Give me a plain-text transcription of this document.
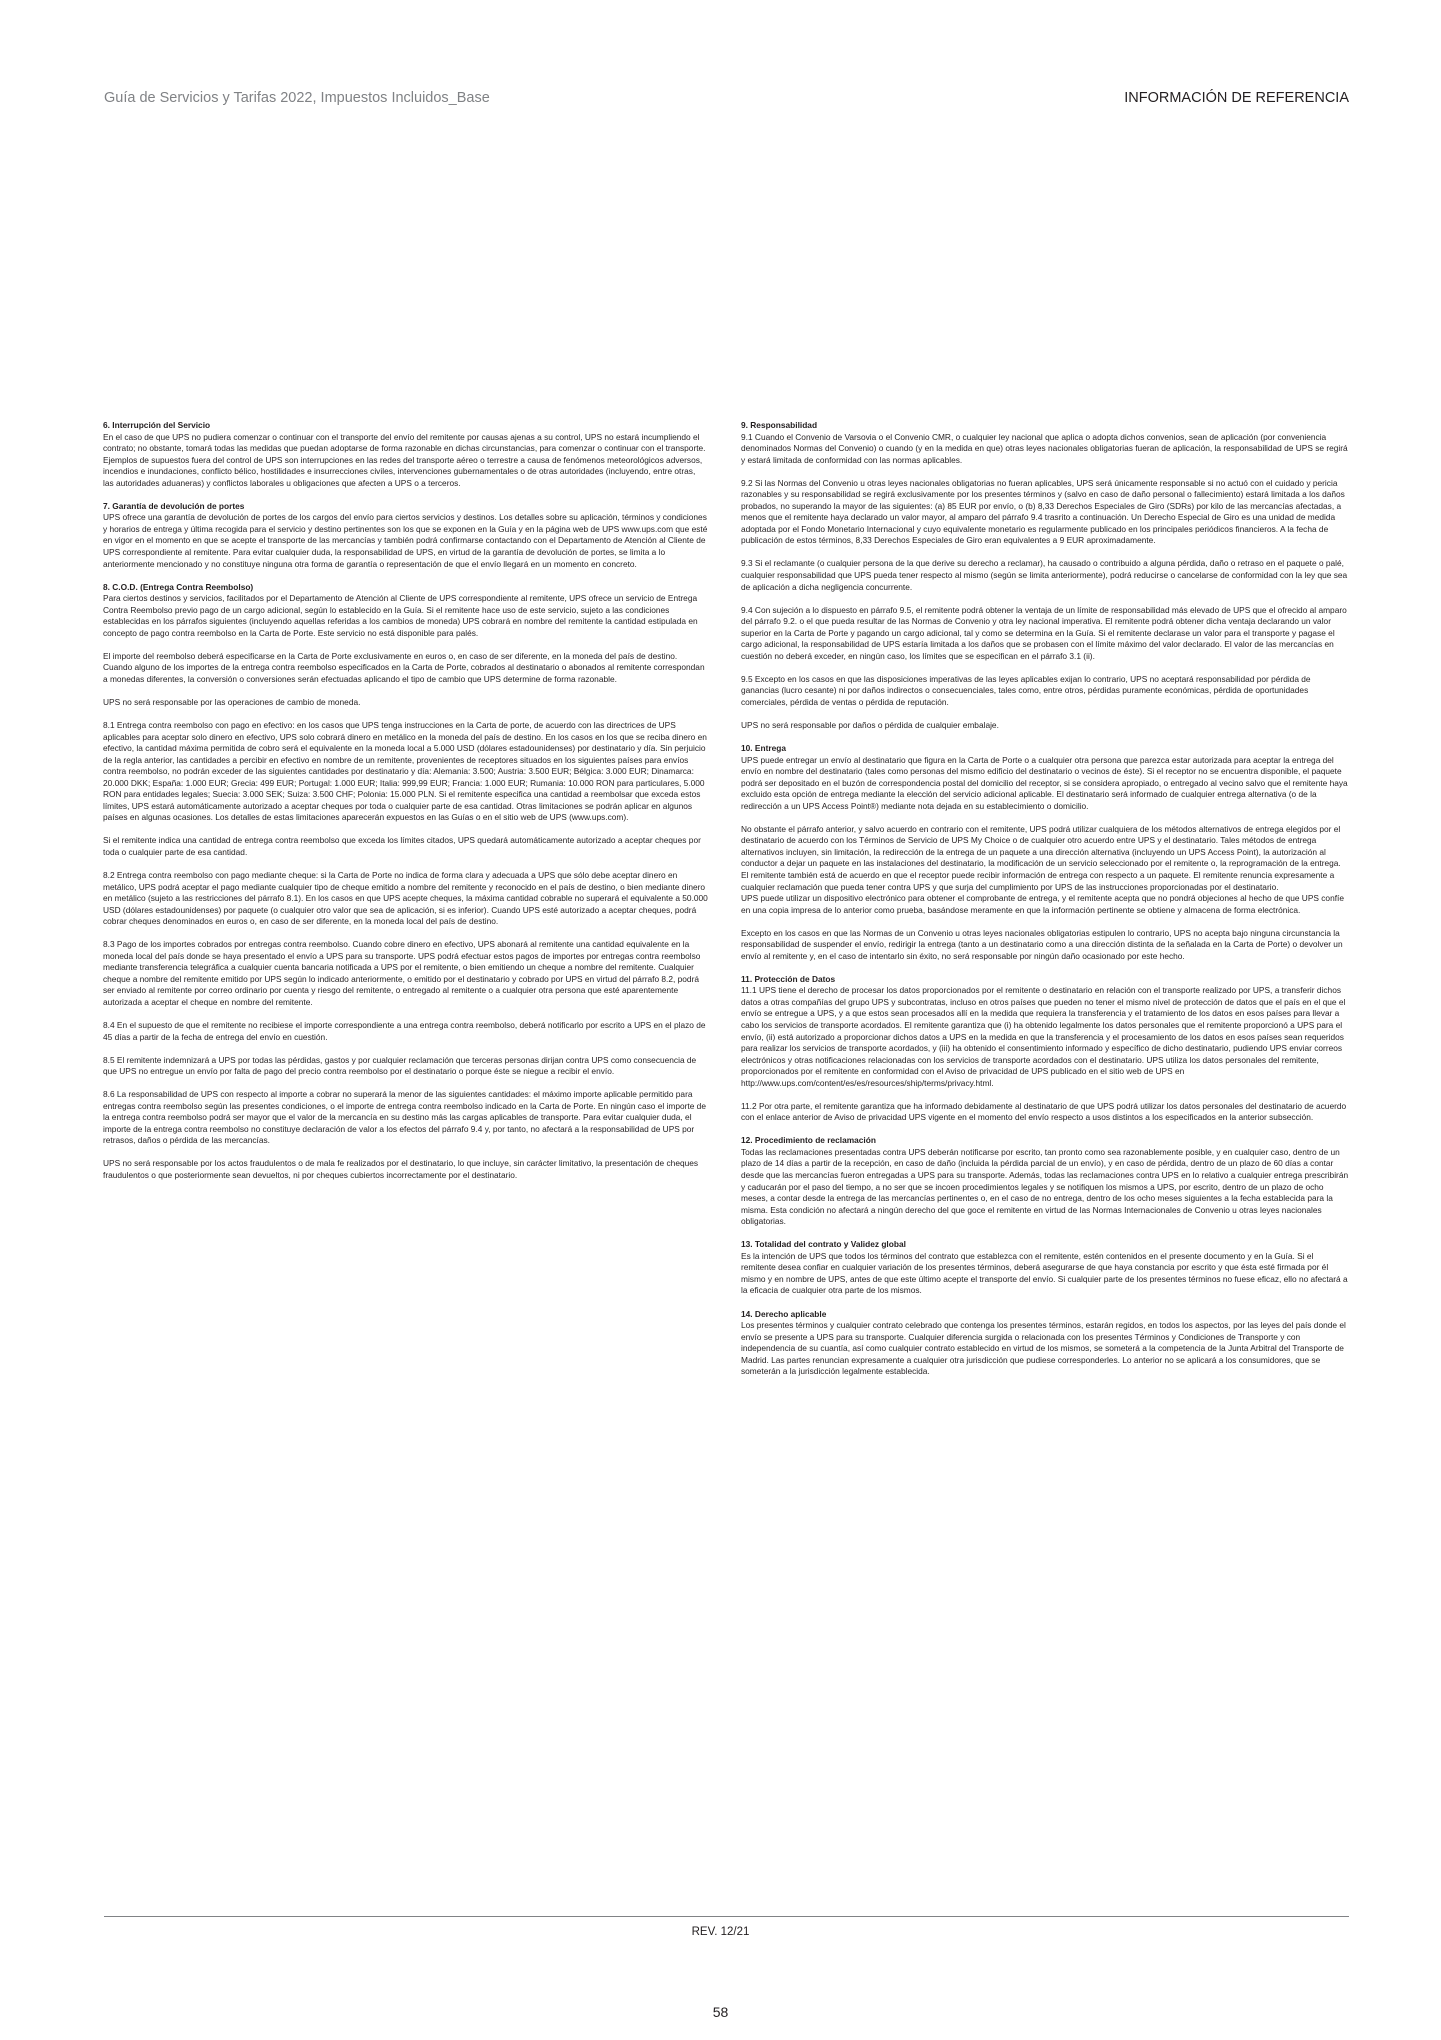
Guía de Servicios y Tarifas 2022, Impuestos Incluidos_Base	INFORMACIÓN DE REFERENCIA
6. Interrupción del Servicio

En el caso de que UPS no pudiera comenzar o continuar con el transporte del envío del remitente por causas ajenas a su control, UPS no estará incumpliendo el contrato; no obstante, tomará todas las medidas que puedan adoptarse de forma razonable en dichas circunstancias, para comenzar o continuar con el transporte. Ejemplos de supuestos fuera del control de UPS son interrupciones en las redes del transporte aéreo o terrestre a causa de fenómenos meteorológicos adversos, incendios e inundaciones, conflicto bélico, hostilidades e insurrecciones civiles, intervenciones gubernamentales o de otras autoridades (incluyendo, entre otras, las autoridades aduaneras) y conflictos laborales u obligaciones que afecten a UPS o a terceros.

7. Garantía de devolución de portes

UPS ofrece una garantía de devolución de portes de los cargos del envío para ciertos servicios y destinos. Los detalles sobre su aplicación, términos y condiciones y horarios de entrega y última recogida para el servicio y destino pertinentes son los que se exponen en la Guía y en la página web de UPS www.ups.com que esté en vigor en el momento en que se acepte el transporte de las mercancías y también podrá confirmarse contactando con el Departamento de Atención al Cliente de UPS correspondiente al remitente. Para evitar cualquier duda, la responsabilidad de UPS, en virtud de la garantía de devolución de portes, se limita a lo anteriormente mencionado y no constituye ninguna otra forma de garantía o representación de que el envío llegará en un momento en concreto.

8. C.O.D. (Entrega Contra Reembolso)

Para ciertos destinos y servicios, facilitados por el Departamento de Atención al Cliente de UPS correspondiente al remitente, UPS ofrece un servicio de Entrega Contra Reembolso previo pago de un cargo adicional, según lo establecido en la Guía. Si el remitente hace uso de este servicio, sujeto a las condiciones establecidas en los párrafos siguientes (incluyendo aquellas referidas a los cambios de moneda) UPS cobrará en nombre del remitente la cantidad estipulada en concepto de pago contra reembolso en la Carta de Porte. Este servicio no está disponible para palés.

El importe del reembolso deberá especificarse en la Carta de Porte exclusivamente en euros o, en caso de ser diferente, en la moneda del país de destino. Cuando alguno de los importes de la entrega contra reembolso especificados en la Carta de Porte, cobrados al destinatario o abonados al remitente correspondan a monedas diferentes, la conversión o conversiones serán efectuadas aplicando el tipo de cambio que UPS determine de forma razonable.

UPS no será responsable por las operaciones de cambio de moneda.

8.1 Entrega contra reembolso con pago en efectivo: en los casos que UPS tenga instrucciones en la Carta de porte, de acuerdo con las directrices de UPS aplicables para aceptar solo dinero en efectivo, UPS solo cobrará dinero en metálico en la moneda del país de destino. En los casos en los que se reciba dinero en efectivo, la cantidad máxima permitida de cobro será el equivalente en la moneda local a 5.000 USD (dólares estadounidenses) por destinatario y día. Sin perjuicio de la regla anterior, las cantidades a percibir en efectivo en nombre de un remitente, provenientes de receptores situados en los siguientes países para envíos contra reembolso, no podrán exceder de las siguientes cantidades por destinatario y día: Alemania: 3.500; Austria: 3.500 EUR; Bélgica: 3.000 EUR; Dinamarca: 20.000 DKK; España: 1.000 EUR; Grecia: 499 EUR; Portugal: 1.000 EUR; Italia: 999,99 EUR; Francia: 1.000 EUR; Rumania: 10.000 RON para particulares, 5.000 RON para entidades legales; Suecia: 3.000 SEK; Suiza: 3.500 CHF; Polonia: 15.000 PLN. Si el remitente especifica una cantidad a reembolsar que exceda estos límites, UPS estará automáticamente autorizado a aceptar cheques por toda o cualquier parte de esa cantidad. Otras limitaciones se podrán aplicar en algunos países en algunas ocasiones. Los detalles de estas limitaciones aparecerán expuestos en las Guías o en el sitio web de UPS (www.ups.com).

Si el remitente indica una cantidad de entrega contra reembolso que exceda los límites citados, UPS quedará automáticamente autorizado a aceptar cheques por toda o cualquier parte de esa cantidad.

8.2 Entrega contra reembolso con pago mediante cheque: si la Carta de Porte no indica de forma clara y adecuada a UPS que sólo debe aceptar dinero en metálico, UPS podrá aceptar el pago mediante cualquier tipo de cheque emitido a nombre del remitente y reconocido en el país de destino, o bien mediante dinero en metálico (sujeto a las restricciones del párrafo 8.1). En los casos en que UPS acepte cheques, la máxima cantidad cobrable no superará el equivalente a 50.000 USD (dólares estadounidenses) por paquete (o cualquier otro valor que sea de aplicación, si es inferior). Cuando UPS esté autorizado a aceptar cheques, podrá cobrar cheques denominados en euros o, en caso de ser diferente, en la moneda local del país de destino.

8.3 Pago de los importes cobrados por entregas contra reembolso. Cuando cobre dinero en efectivo, UPS abonará al remitente una cantidad equivalente en la moneda local del país donde se haya presentado el envío a UPS para su transporte. UPS podrá efectuar estos pagos de importes por entregas contra reembolso mediante transferencia telegráfica a cualquier cuenta bancaria notificada a UPS por el remitente, o bien emitiendo un cheque a nombre del remitente. Cualquier cheque a nombre del remitente emitido por UPS según lo indicado anteriormente, o emitido por el destinatario y cobrado por UPS en virtud del párrafo 8.2, podrá ser enviado al remitente por correo ordinario por cuenta y riesgo del remitente, o entregado al remitente o a cualquier otra persona que esté aparentemente autorizada a aceptar el cheque en nombre del remitente.

8.4 En el supuesto de que el remitente no recibiese el importe correspondiente a una entrega contra reembolso, deberá notificarlo por escrito a UPS en el plazo de 45 días a partir de la fecha de entrega del envío en cuestión.

8.5 El remitente indemnizará a UPS por todas las pérdidas, gastos y por cualquier reclamación que terceras personas dirijan contra UPS como consecuencia de que UPS no entregue un envío por falta de pago del precio contra reembolso por el destinatario o porque éste se niegue a recibir el envío.

8.6 La responsabilidad de UPS con respecto al importe a cobrar no superará la menor de las siguientes cantidades: el máximo importe aplicable permitido para entregas contra reembolso según las presentes condiciones, o el importe de entrega contra reembolso indicado en la Carta de Porte. En ningún caso el importe de la entrega contra reembolso podrá ser mayor que el valor de la mercancía en su destino más las cargas aplicables de transporte. Para evitar cualquier duda, el importe de la entrega contra reembolso no constituye declaración de valor a los efectos del párrafo 9.4 y, por tanto, no afectará a la responsabilidad de UPS por retrasos, daños o pérdida de las mercancías.

UPS no será responsable por los actos fraudulentos o de mala fe realizados por el destinatario, lo que incluye, sin carácter limitativo, la presentación de cheques fraudulentos o que posteriormente sean devueltos, ni por cheques cubiertos incorrectamente por el destinatario.

9. Responsabilidad

9.1 Cuando el Convenio de Varsovia o el Convenio CMR, o cualquier ley nacional que aplica o adopta dichos convenios, sean de aplicación (por conveniencia denominados Normas del Convenio) o cuando (y en la medida en que) otras leyes nacionales obligatorias fueran de aplicación, la responsabilidad de UPS se regirá y estará limitada de conformidad con las normas aplicables.

9.2 Si las Normas del Convenio u otras leyes nacionales obligatorias no fueran aplicables, UPS será únicamente responsable si no actuó con el cuidado y pericia razonables y su responsabilidad se regirá exclusivamente por los presentes términos y (salvo en caso de daño personal o fallecimiento) estará limitada a los daños probados, no superando la mayor de las siguientes: (a) 85 EUR por envío, o (b) 8,33 Derechos Especiales de Giro (SDRs) por kilo de las mercancías afectadas, a menos que el remitente haya declarado un valor mayor, al amparo del párrafo 9.4 trasrito a continuación. Un Derecho Especial de Giro es una unidad de medida adoptada por el Fondo Monetario Internacional y cuyo equivalente monetario es regularmente publicado en los principales periódicos financieros. A la fecha de publicación de estos términos, 8,33 Derechos Especiales de Giro eran equivalentes a 9 EUR aproximadamente.

9.3 Si el reclamante (o cualquier persona de la que derive su derecho a reclamar), ha causado o contribuido a alguna pérdida, daño o retraso en el paquete o palé, cualquier responsabilidad que UPS pueda tener respecto al mismo (según se limita anteriormente), podrá reducirse o cancelarse de conformidad con la ley que sea de aplicación a dicha negligencia concurrente.

9.4 Con sujeción a lo dispuesto en párrafo 9.5, el remitente podrá obtener la ventaja de un límite de responsabilidad más elevado de UPS que el ofrecido al amparo del párrafo 9.2. o el que pueda resultar de las Normas de Convenio y otra ley nacional imperativa. El remitente podrá obtener dicha ventaja declarando un valor superior en la Carta de Porte y pagando un cargo adicional, tal y como se determina en la Guía. Si el remitente declarase un valor para el transporte y pagase el cargo adicional, la responsabilidad de UPS estaría limitada a los daños que se probasen con el límite máximo del valor declarado. El valor de las mercancías en cuestión no deberá exceder, en ningún caso, los límites que se especifican en el párrafo 3.1 (ii).

9.5 Excepto en los casos en que las disposiciones imperativas de las leyes aplicables exijan lo contrario, UPS no aceptará responsabilidad por pérdida de ganancias (lucro cesante) ni por daños indirectos o consecuenciales, tales como, entre otros, pérdidas puramente económicas, pérdida de oportunidades comerciales, pérdida de ventas o pérdida de reputación.

UPS no será responsable por daños o pérdida de cualquier embalaje.

10. Entrega

UPS puede entregar un envío al destinatario que figura en la Carta de Porte o a cualquier otra persona que parezca estar autorizada para aceptar la entrega del envío en nombre del destinatario (tales como personas del mismo edificio del destinatario o vecinos de éste). Si el receptor no se encuentra disponible, el paquete podrá ser depositado en el buzón de correspondencia postal del domicilio del receptor, si se considera apropiado, o entregado al vecino salvo que el remitente haya excluido esta opción de entrega mediante la elección del servicio adicional aplicable. El destinatario será informado de cualquier entrega alternativa (o de la redirección a un UPS Access Point®) mediante nota dejada en su establecimiento o domicilio.

No obstante el párrafo anterior, y salvo acuerdo en contrario con el remitente, UPS podrá utilizar cualquiera de los métodos alternativos de entrega elegidos por el destinatario de acuerdo con los Términos de Servicio de UPS My Choice o de cualquier otro acuerdo entre UPS y el destinatario. Tales métodos de entrega alternativos incluyen, sin limitación, la redirección de la entrega de un paquete a una dirección alternativa (incluyendo un UPS Access Point), la autorización al conductor a dejar un paquete en las instalaciones del destinatario, la modificación de un servicio seleccionado por el remitente o, la reprogramación de la entrega. El remitente también está de acuerdo en que el receptor puede recibir información de entrega con respecto a un paquete. El remitente renuncia expresamente a cualquier reclamación que pueda tener contra UPS y que surja del cumplimiento por UPS de las instrucciones proporcionadas por el destinatario.
UPS puede utilizar un dispositivo electrónico para obtener el comprobante de entrega, y el remitente acepta que no pondrá objeciones al hecho de que UPS confíe en una copia impresa de lo anterior como prueba, basándose meramente en que la información pertinente se obtiene y almacena de forma electrónica.

Excepto en los casos en que las Normas de un Convenio u otras leyes nacionales obligatorias estipulen lo contrario, UPS no acepta bajo ninguna circunstancia la responsabilidad de suspender el envío, redirigir la entrega (tanto a un destinatario como a una dirección distinta de la señalada en la Carta de Porte) o devolver un envío al remitente y, en el caso de intentarlo sin éxito, no será responsable por ningún daño ocasionado por este hecho.

11. Protección de Datos

11.1 UPS tiene el derecho de procesar los datos proporcionados por el remitente o destinatario en relación con el transporte realizado por UPS, a transferir dichos datos a otras compañías del grupo UPS y subcontratas, incluso en otros países que pueden no tener el mismo nivel de protección de datos que el país en el que el envío se entregue a UPS, y a que estos sean procesados allí en la medida que requiera la transferencia y el tratamiento de los datos en esos países para llevar a cabo los servicios de transporte acordados. El remitente garantiza que (i) ha obtenido legalmente los datos personales que el remitente proporcionó a UPS para el envío, (ii) está autorizado a proporcionar dichos datos a UPS en la medida en que la transferencia y el procesamiento de los datos en esos países sean requeridos para realizar los servicios de transporte acordados, y (iii) ha obtenido el consentimiento informado y específico de dicho destinatario, pudiendo UPS enviar correos electrónicos y otras notificaciones relacionadas con los servicios de transporte acordados con el destinatario. UPS utiliza los datos personales del remitente, proporcionados por el remitente en conformidad con el Aviso de privacidad de UPS publicado en el sitio web de UPS en http://www.ups.com/content/es/es/resources/ship/terms/privacy.html.

11.2 Por otra parte, el remitente garantiza que ha informado debidamente al destinatario de que UPS podrá utilizar los datos personales del destinatario de acuerdo con el enlace anterior de Aviso de privacidad UPS vigente en el momento del envío respecto a usos distintos a los especificados en la anterior subsección.

12. Procedimiento de reclamación

Todas las reclamaciones presentadas contra UPS deberán notificarse por escrito, tan pronto como sea razonablemente posible, y en cualquier caso, dentro de un plazo de 14 días a partir de la recepción, en caso de daño (incluida la pérdida parcial de un envío), y en caso de pérdida, dentro de un plazo de 60 días a contar desde que las mercancías fueron entregadas a UPS para su transporte. Además, todas las reclamaciones contra UPS en lo relativo a cualquier entrega prescribirán y caducarán por el paso del tiempo, a no ser que se incoen procedimientos legales y se notifiquen los mismos a UPS, por escrito, dentro de un plazo de ocho meses, a contar desde la entrega de las mercancías pertinentes o, en el caso de no entrega, dentro de los ocho meses siguientes a la fecha establecida para la misma. Esta condición no afectará a ningún derecho del que goce el remitente en virtud de las Normas Internacionales de Convenio u otras leyes nacionales obligatorias.

13. Totalidad del contrato y Validez global

Es la intención de UPS que todos los términos del contrato que establezca con el remitente, estén contenidos en el presente documento y en la Guía. Si el remitente desea confiar en cualquier variación de los presentes términos, deberá asegurarse de que haya constancia por escrito y que ésta esté firmada por él mismo y en nombre de UPS, antes de que este último acepte el transporte del envío. Si cualquier parte de los presentes términos no fuese eficaz, ello no afectará a la eficacia de cualquier otra parte de los mismos.

14. Derecho aplicable

Los presentes términos y cualquier contrato celebrado que contenga los presentes términos, estarán regidos, en todos los aspectos, por las leyes del país donde el envío se presente a UPS para su transporte. Cualquier diferencia surgida o relacionada con los presentes Términos y Condiciones de Transporte y con independencia de su cuantía, así como cualquier contrato establecido en virtud de los mismos, se someterá a la competencia de la Junta Arbitral del Transporte de Madrid. Las partes renuncian expresamente a cualquier otra jurisdicción que pudiese corresponderles. Lo anterior no se aplicará a los consumidores, que se someterán a la jurisdicción legalmente establecida.

REV. 12/21
58
